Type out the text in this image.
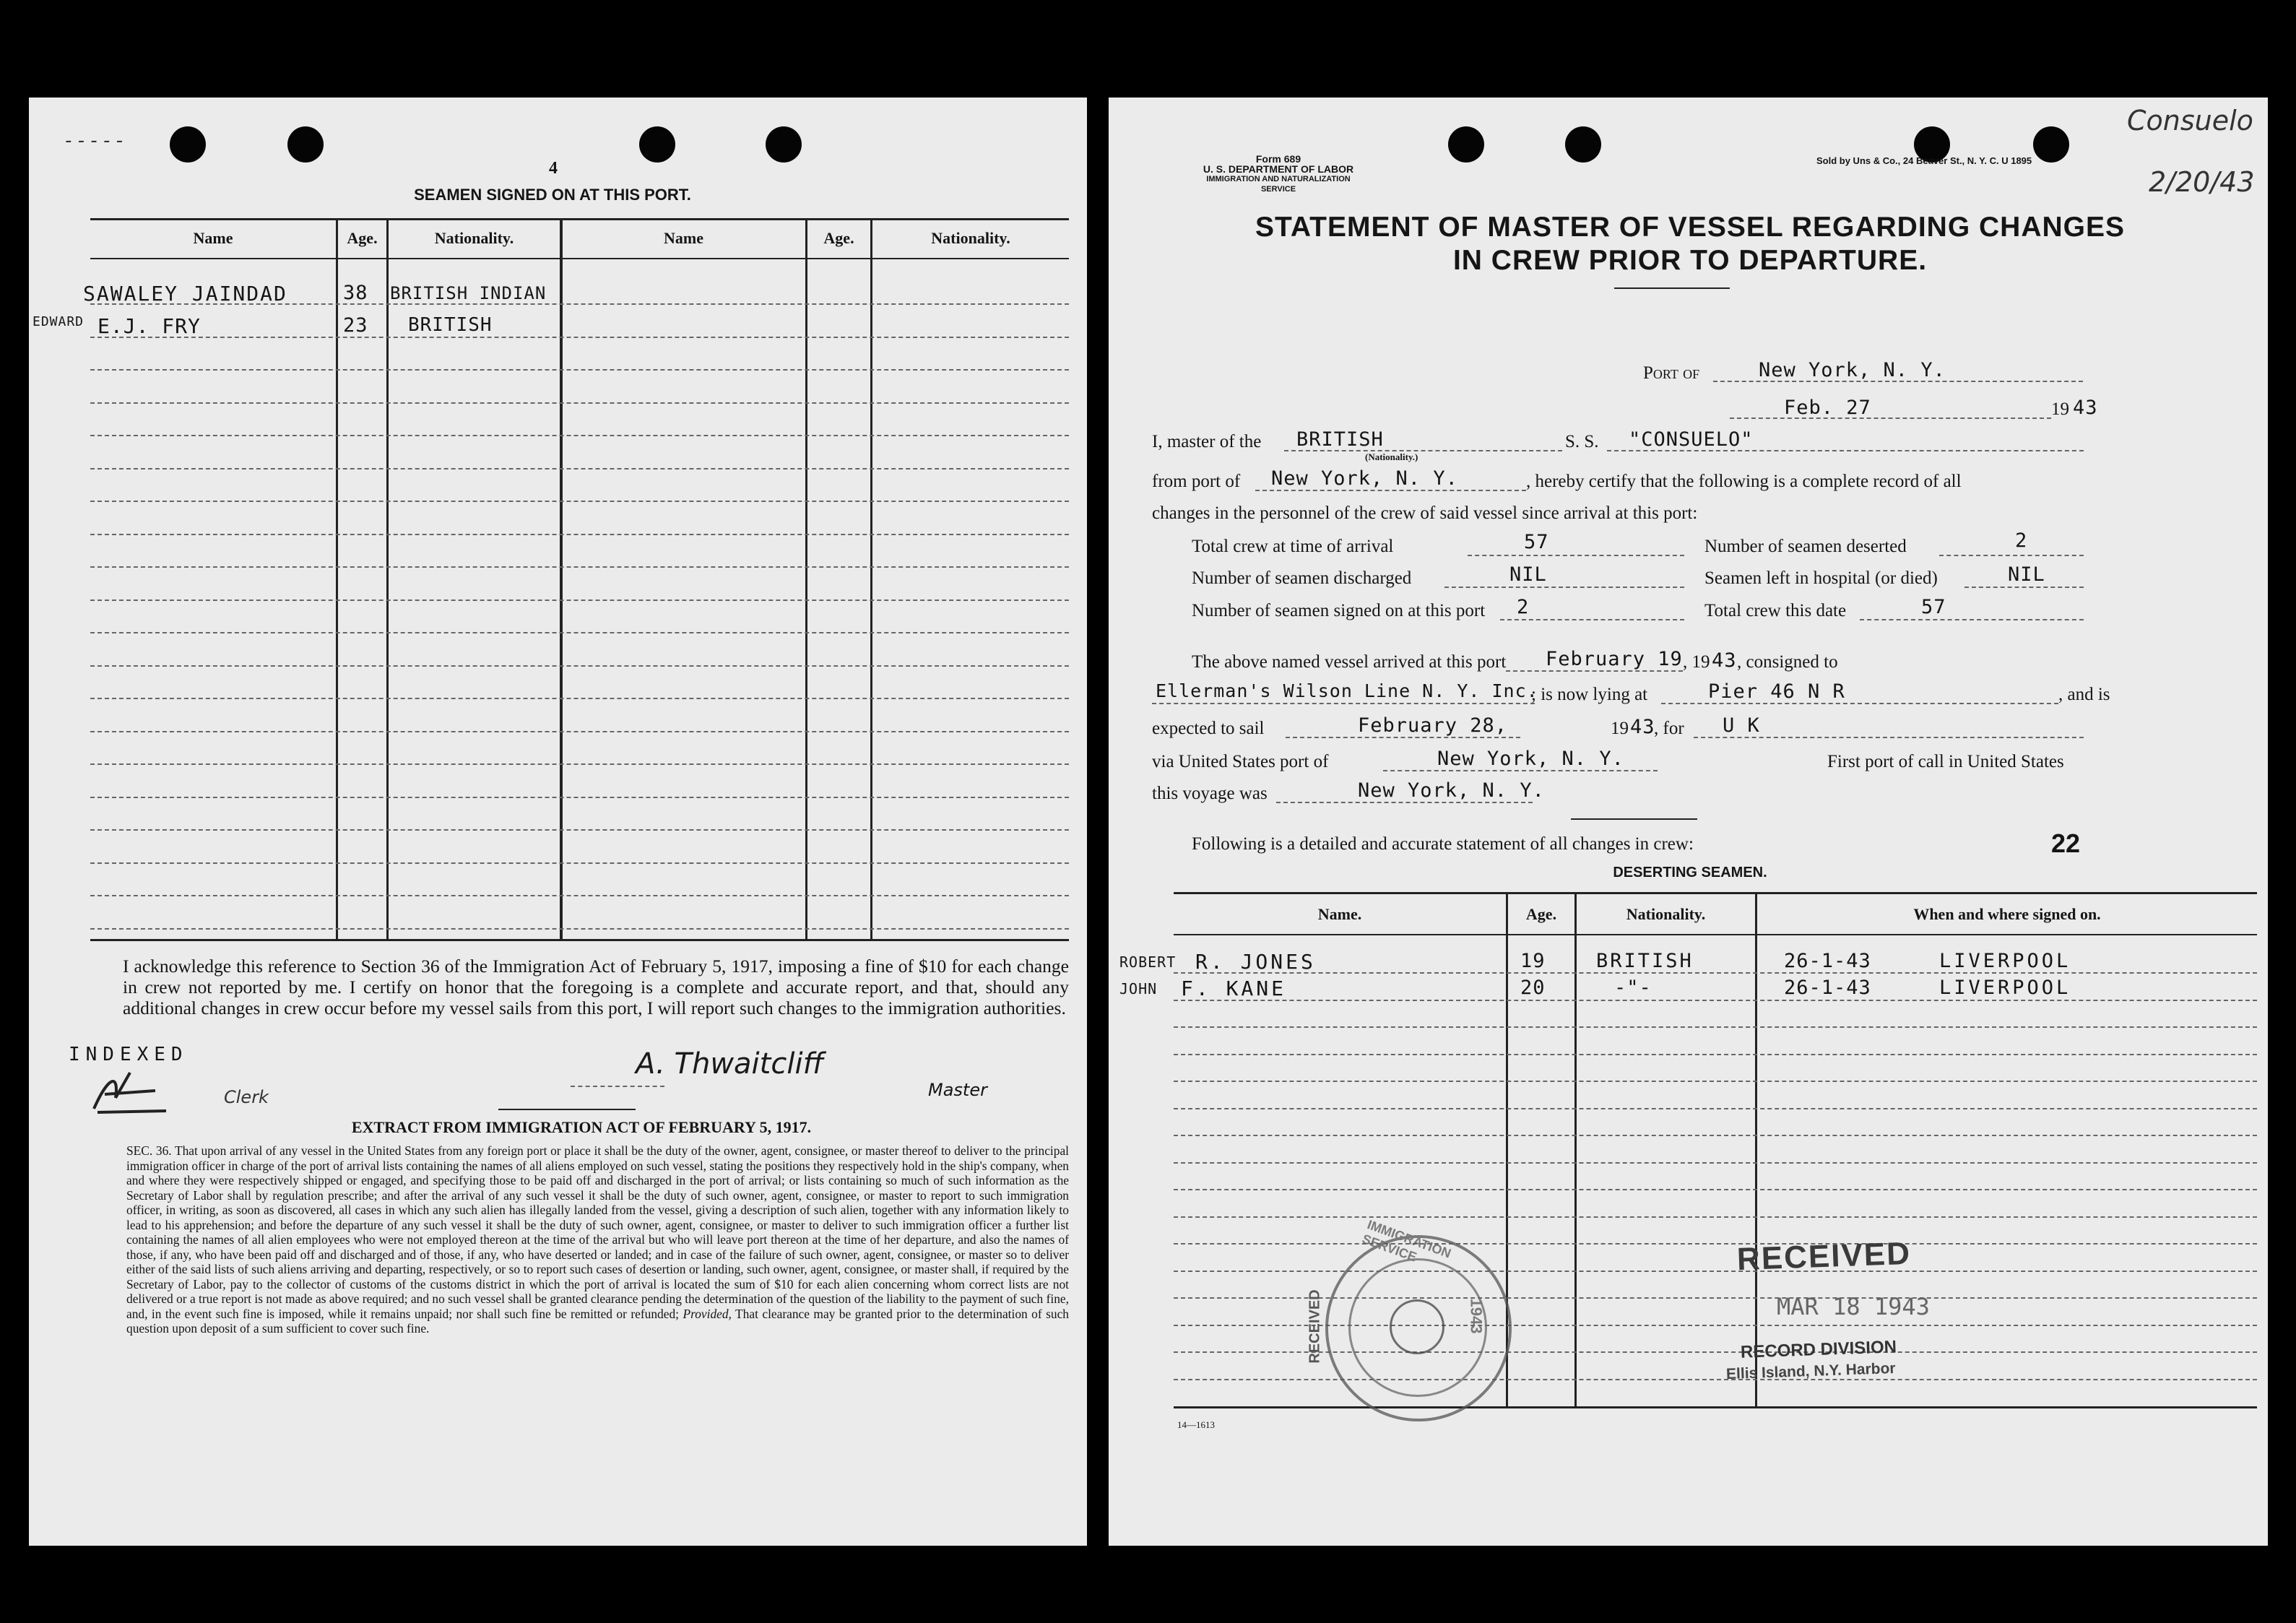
- - - - -
4
SEAMEN SIGNED ON AT THIS PORT.
Name	Age.	Nationality.	Name	Age.	Nationality.
SAWALEY JAINDAD	38 BRITISH INDIAN
EDWARD E.J. FRY	23 BRITISH
I acknowledge this reference to Section 36 of the Immigration Act of February 5, 1917, imposing a fine of $10 for each change in crew not reported by me. I certify on honor that the foregoing is a complete and accurate report, and that, should any additional changes in crew occur before my vessel sails from this port, I will report such changes to the immigration authorities.
INDEXED
Clerk
A. Thwaitcliff
Master
EXTRACT FROM IMMIGRATION ACT OF FEBRUARY 5, 1917.
SEC. 36. That upon arrival of any vessel in the United States from any foreign port or place it shall be the duty of the owner, agent, consignee, or master thereof to deliver to the principal immigration officer in charge of the port of arrival lists containing the names of all aliens employed on such vessel, stating the positions they respectively hold in the ship's company, when and where they were respectively shipped or engaged, and specifying those to be paid off and discharged in the port of arrival; or lists containing so much of such information as the Secretary of Labor shall by regulation prescribe; and after the arrival of any such vessel it shall be the duty of such owner, agent, consignee, or master to report to such immigration officer, in writing, as soon as discovered, all cases in which any such alien has illegally landed from the vessel, giving a description of such alien, together with any information likely to lead to his apprehension; and before the departure of any such vessel it shall be the duty of such owner, agent, consignee, or master to deliver to such immigration officer a further list containing the names of all alien employees who were not employed thereon at the time of the arrival but who will leave port thereon at the time of her departure, and also the names of those, if any, who have been paid off and discharged and of those, if any, who have deserted or landed; and in case of the failure of such owner, agent, consignee, or master so to deliver either of the said lists of such aliens arriving and departing, respectively, or so to report such cases of desertion or landing, such owner, agent, consignee, or master shall, if required by the Secretary of Labor, pay to the collector of customs of the customs district in which the port of arrival is located the sum of $10 for each alien concerning whom correct lists are not delivered or a true report is not made as above required; and no such vessel shall be granted clearance pending the determination of the question of the liability to the payment of such fine, and, in the event such fine is imposed, while it remains unpaid; nor shall such fine be remitted or refunded; Provided, That clearance may be granted prior to the determination of such question upon deposit of a sum sufficient to cover such fine.
Form 689
U. S. DEPARTMENT OF LABOR
IMMIGRATION AND NATURALIZATION SERVICE
Sold by Uns & Co., 24 Beaver St., N. Y. C. U 1895
Consuelo
2/20/43
STATEMENT OF MASTER OF VESSEL REGARDING CHANGES
IN CREW PRIOR TO DEPARTURE.
Port of	New York, N. Y.
Feb. 27	19 43
I, master of the BRITISH
(Nationality.)
S. S. "CONSUELO"
from port of New York, N. Y.	, hereby certify that the following is a complete record of all
changes in the personnel of the crew of said vessel since arrival at this port:
Total crew at time of arrival	57	Number of seamen deserted	2
Number of seamen discharged	NIL	Seamen left in hospital (or died)	NIL
Number of seamen signed on at this port 2	Total crew this date	57
The above named vessel arrived at this port February 19 , 19 43 , consigned to
Ellerman's Wilson Line N. Y. Inc.
; is now lying at	Pier 46 N R	, and is
expected to sail	February 28,	19 43
, for U K
via United States port of	New York, N. Y.	First port of call in United States
this voyage was	New York, N. Y.
Following is a detailed and accurate statement of all changes in crew:	22
DESERTING SEAMEN.
Name.	Age.	Nationality.	When and where signed on.
ROBERT R. JONES	19	BRITISH	26-1-43	LIVERPOOL
JOHN F. KANE	20	-"-	26-1-43	LIVERPOOL
IMMIGRATION SERVICE
1943
RECEIVED
RECEIVED
MAR 18 1943
RECORD DIVISION
Ellis Island, N.Y. Harbor
14—1613
